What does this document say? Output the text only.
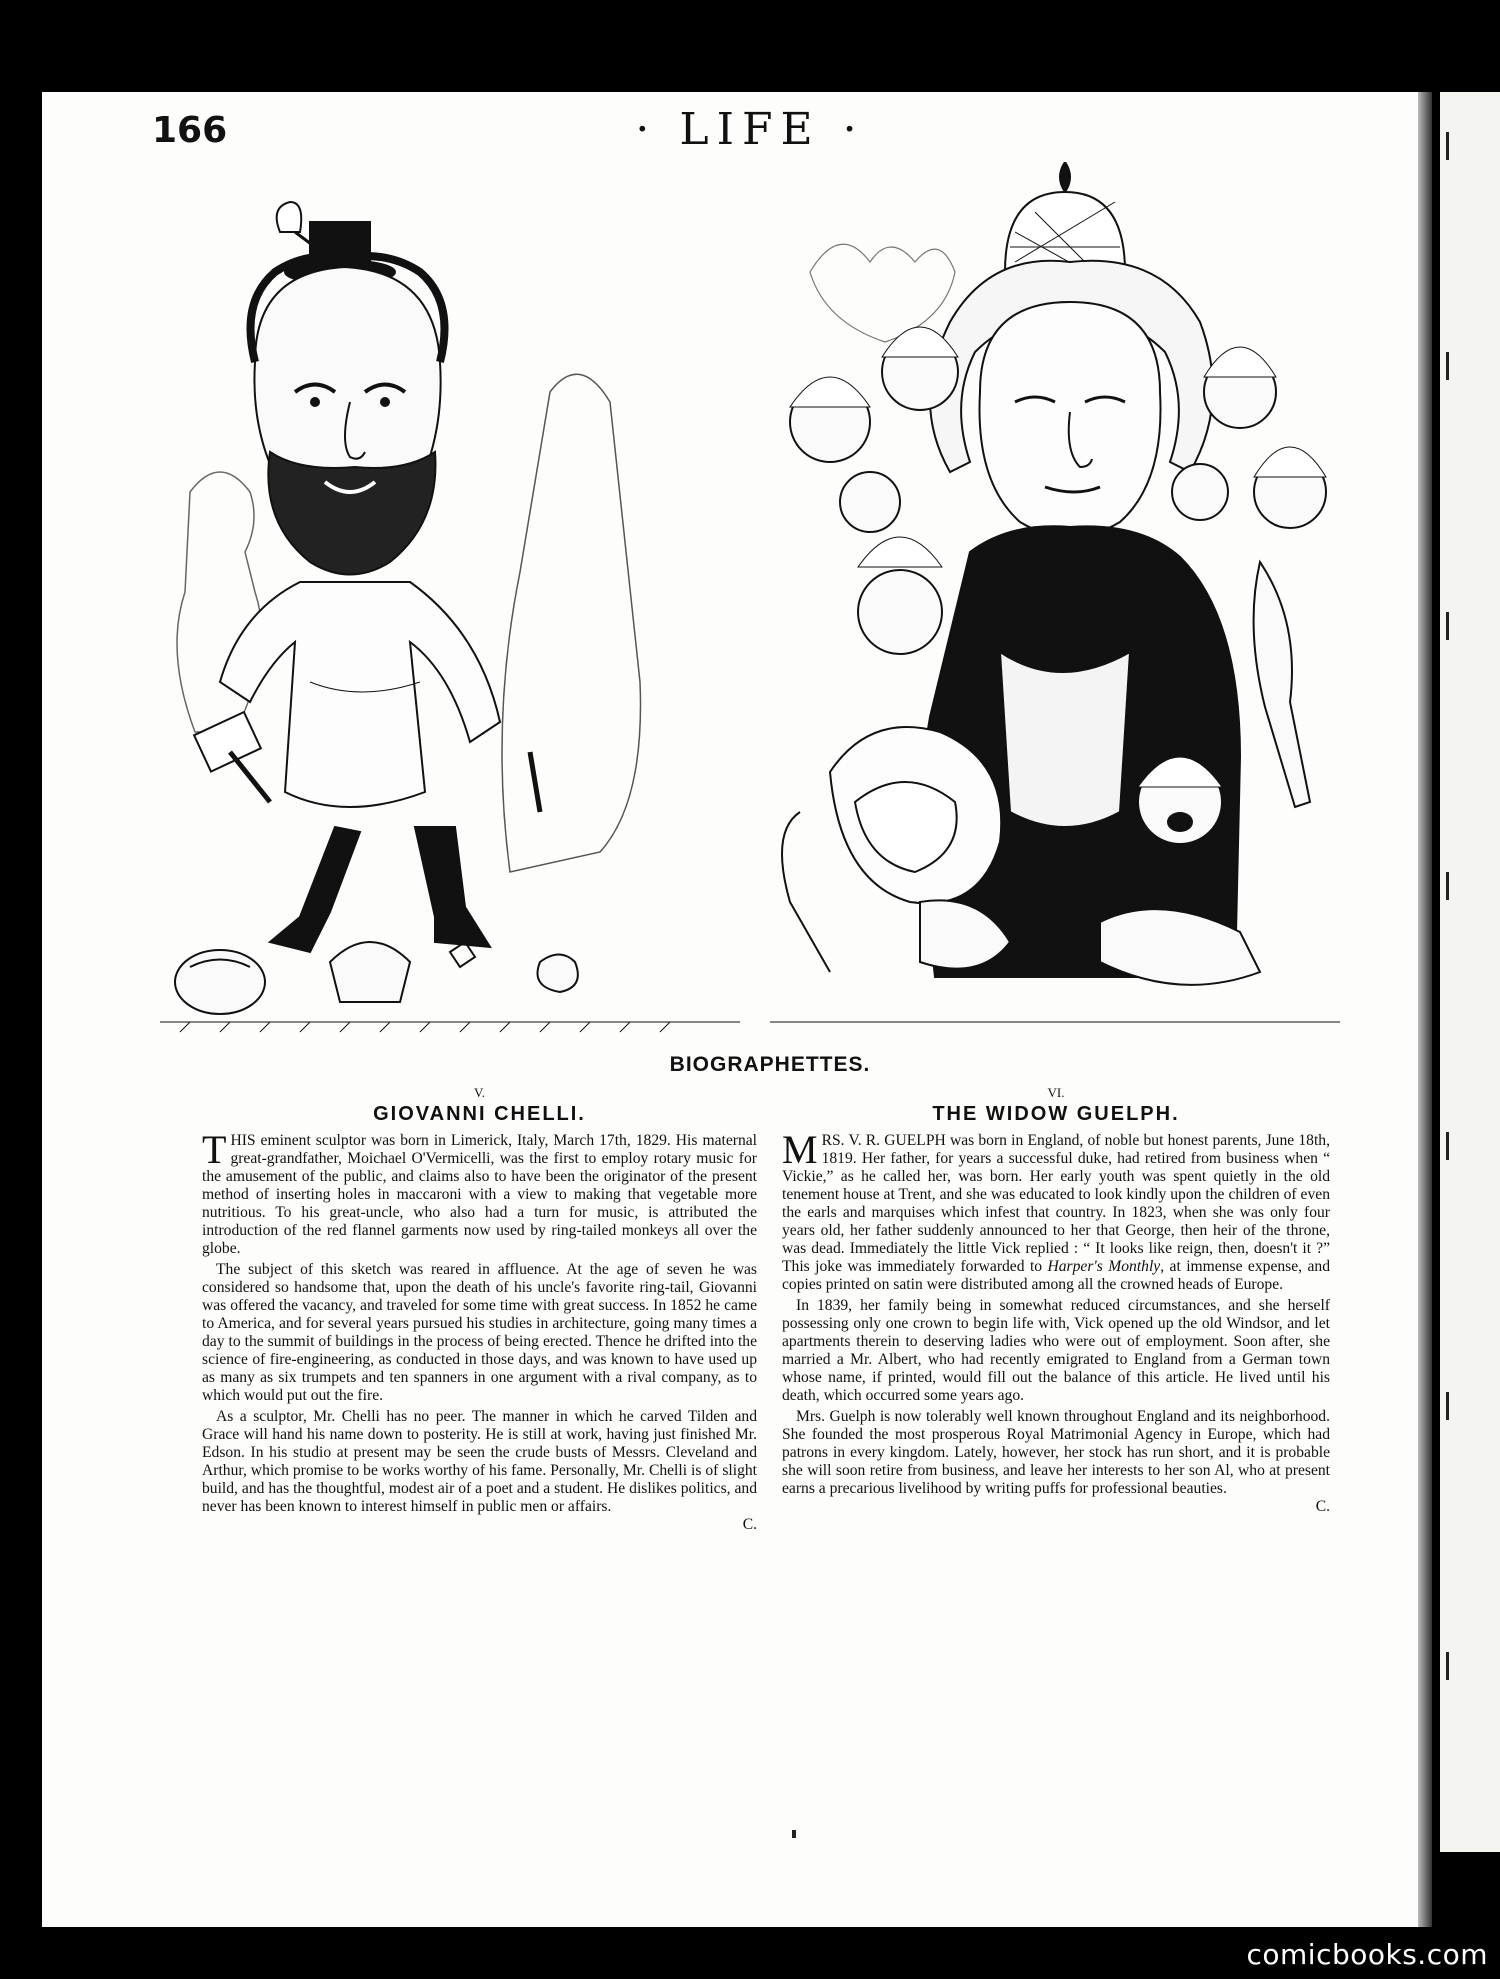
166	· LIFE ·
BIOGRAPHETTES.
V.
GIOVANNI CHELLI.

THIS eminent sculptor was born in Limerick, Italy, March 17th, 1829. His maternal great-grandfather, Moichael O'Vermicelli, was the first to employ rotary music for the amusement of the public, and claims also to have been the originator of the present method of inserting holes in maccaroni with a view to making that vegetable more nutritious. To his great-uncle, who also had a turn for music, is attributed the introduction of the red flannel garments now used by ring-tailed monkeys all over the globe.

The subject of this sketch was reared in affluence. At the age of seven he was considered so handsome that, upon the death of his uncle's favorite ring-tail, Giovanni was offered the vacancy, and traveled for some time with great success. In 1852 he came to America, and for several years pursued his studies in architecture, going many times a day to the summit of buildings in the process of being erected. Thence he drifted into the science of fire-engineering, as conducted in those days, and was known to have used up as many as six trumpets and ten spanners in one argument with a rival company, as to which would put out the fire.

As a sculptor, Mr. Chelli has no peer. The manner in which he carved Tilden and Grace will hand his name down to posterity. He is still at work, having just finished Mr. Edson. In his studio at present may be seen the crude busts of Messrs. Cleveland and Arthur, which promise to be works worthy of his fame. Personally, Mr. Chelli is of slight build, and has the thoughtful, modest air of a poet and a student. He dislikes politics, and never has been known to interest himself in public men or affairs.

C.
VI.
THE WIDOW GUELPH.

MRS. V. R. GUELPH was born in England, of noble but honest parents, June 18th, 1819. Her father, for years a successful duke, had retired from business when “ Vickie,” as he called her, was born. Her early youth was spent quietly in the old tenement house at Trent, and she was educated to look kindly upon the children of even the earls and marquises which infest that country. In 1823, when she was only four years old, her father suddenly announced to her that George, then heir of the throne, was dead. Immediately the little Vick replied : “ It looks like reign, then, doesn't it ?” This joke was immediately forwarded to Harper's Monthly, at immense expense, and copies printed on satin were distributed among all the crowned heads of Europe.

In 1839, her family being in somewhat reduced circumstances, and she herself possessing only one crown to begin life with, Vick opened up the old Windsor, and let apartments therein to deserving ladies who were out of employment. Soon after, she married a Mr. Albert, who had recently emigrated to England from a German town whose name, if printed, would fill out the balance of this article. He lived until his death, which occurred some years ago.

Mrs. Guelph is now tolerably well known throughout England and its neighborhood. She founded the most prosperous Royal Matrimonial Agency in Europe, which had patrons in every kingdom. Lately, however, her stock has run short, and it is probable she will soon retire from business, and leave her interests to her son Al, who at present earns a precarious livelihood by writing puffs for professional beauties.

C.
comicbooks.com
